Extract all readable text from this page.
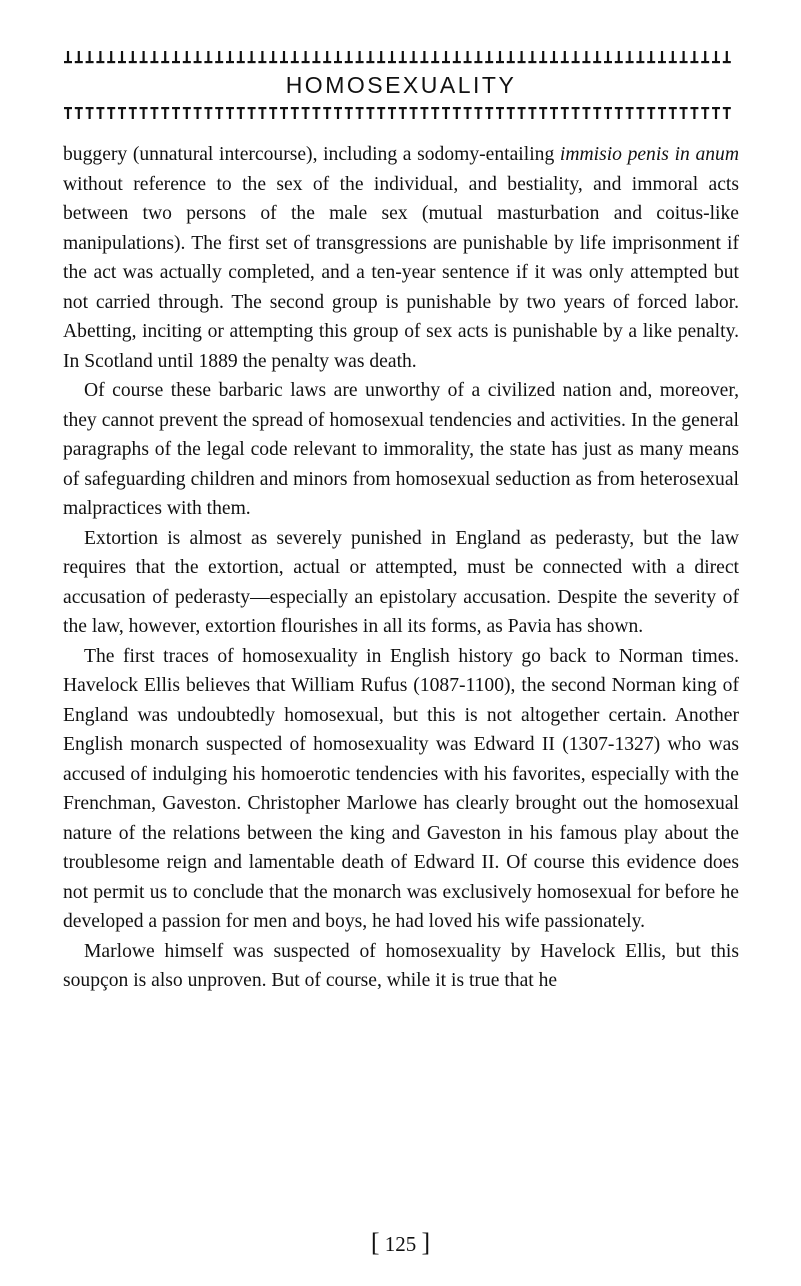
HOMOSEXUALITY

buggery (unnatural intercourse), including a sodomy-entailing immisio penis in anum without reference to the sex of the individual, and bestiality, and immoral acts between two persons of the male sex (mutual masturbation and coitus-like manipulations). The first set of transgressions are punishable by life imprisonment if the act was actually completed, and a ten-year sentence if it was only attempted but not carried through. The second group is punishable by two years of forced labor. Abetting, inciting or attempting this group of sex acts is punishable by a like penalty. In Scotland until 1889 the penalty was death.

Of course these barbaric laws are unworthy of a civilized nation and, moreover, they cannot prevent the spread of homosexual tendencies and activities. In the general paragraphs of the legal code relevant to immorality, the state has just as many means of safeguarding children and minors from homosexual seduction as from heterosexual malpractices with them.

Extortion is almost as severely punished in England as pederasty, but the law requires that the extortion, actual or attempted, must be connected with a direct accusation of pederasty—especially an epistolary accusation. Despite the severity of the law, however, extortion flourishes in all its forms, as Pavia has shown.

The first traces of homosexuality in English history go back to Norman times. Havelock Ellis believes that William Rufus (1087-1100), the second Norman king of England was undoubtedly homosexual, but this is not altogether certain. Another English monarch suspected of homosexuality was Edward II (1307-1327) who was accused of indulging his homoerotic tendencies with his favorites, especially with the Frenchman, Gaveston. Christopher Marlowe has clearly brought out the homosexual nature of the relations between the king and Gaveston in his famous play about the troublesome reign and lamentable death of Edward II. Of course this evidence does not permit us to conclude that the monarch was exclusively homosexual for before he developed a passion for men and boys, he had loved his wife passionately.

Marlowe himself was suspected of homosexuality by Havelock Ellis, but this soupçon is also unproven. But of course, while it is true that he

[ 125 ]
